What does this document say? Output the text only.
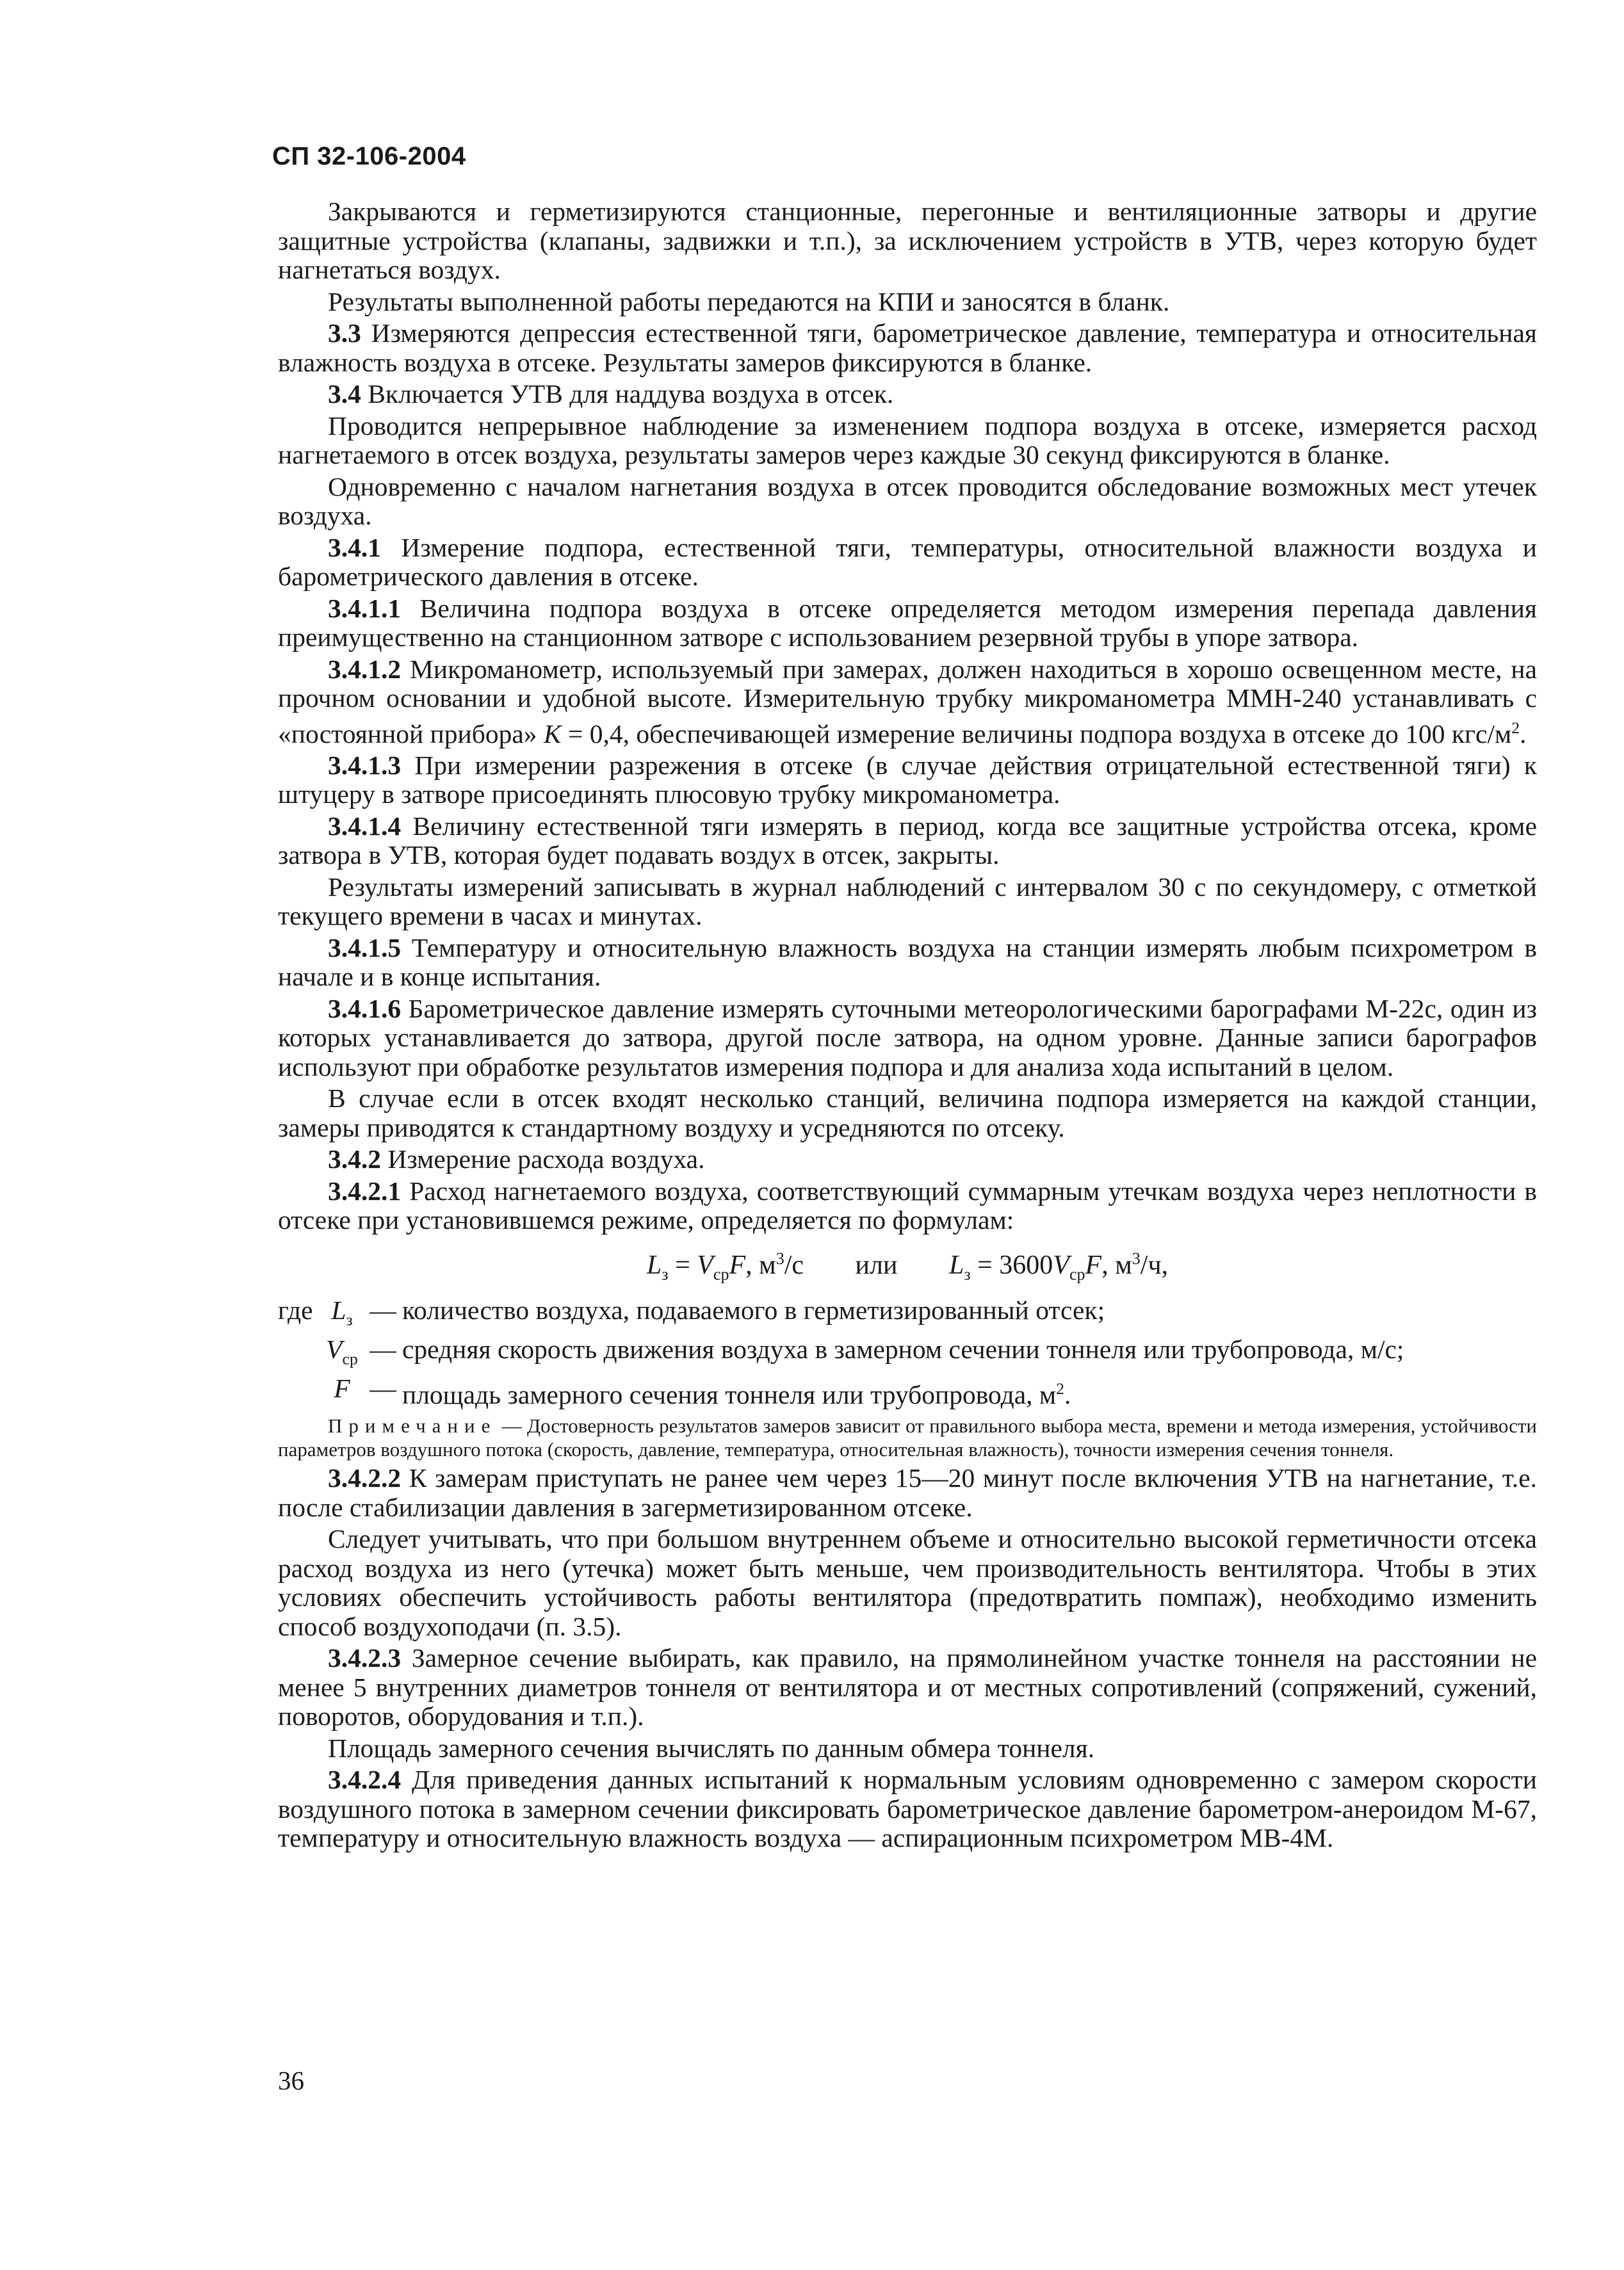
СП 32-106-2004

Закрываются и герметизируются станционные, перегонные и вентиляционные затворы и другие защитные устройства (клапаны, задвижки и т.п.), за исключением устройств в УТВ, через которую будет нагнетаться воздух.

Результаты выполненной работы передаются на КПИ и заносятся в бланк.

3.3 Измеряются депрессия естественной тяги, барометрическое давление, температура и относительная влажность воздуха в отсеке. Результаты замеров фиксируются в бланке.

3.4 Включается УТВ для наддува воздуха в отсек.

Проводится непрерывное наблюдение за изменением подпора воздуха в отсеке, измеряется расход нагнетаемого в отсек воздуха, результаты замеров через каждые 30 секунд фиксируются в бланке.

Одновременно с началом нагнетания воздуха в отсек проводится обследование возможных мест утечек воздуха.

3.4.1 Измерение подпора, естественной тяги, температуры, относительной влажности воздуха и барометрического давления в отсеке.

3.4.1.1 Величина подпора воздуха в отсеке определяется методом измерения перепада давления преимущественно на станционном затворе с использованием резервной трубы в упоре затвора.

3.4.1.2 Микроманометр, используемый при замерах, должен находиться в хорошо освещенном месте, на прочном основании и удобной высоте. Измерительную трубку микроманометра ММН-240 устанавливать с «постоянной прибора» K = 0,4, обеспечивающей измерение величины подпора воздуха в отсеке до 100 кгс/$м^2$.

3.4.1.3 При измерении разрежения в отсеке (в случае действия отрицательной естественной тяги) к штуцеру в затворе присоединять плюсовую трубку микроманометра.

3.4.1.4 Величину естественной тяги измерять в период, когда все защитные устройства отсека, кроме затвора в УТВ, которая будет подавать воздух в отсек, закрыты.

Результаты измерений записывать в журнал наблюдений с интервалом 30 с по секундомеру, с отметкой текущего времени в часах и минутах.

3.4.1.5 Температуру и относительную влажность воздуха на станции измерять любым психрометром в начале и в конце испытания.

3.4.1.6 Барометрическое давление измерять суточными метеорологическими барографами М-22с, один из которых устанавливается до затвора, другой после затвора, на одном уровне. Данные записи барографов используют при обработке результатов измерения подпора и для анализа хода испытаний в целом.

В случае если в отсек входят несколько станций, величина подпора измеряется на каждой станции, замеры приводятся к стандартному воздуху и усредняются по отсеку.

3.4.2 Измерение расхода воздуха.

3.4.2.1 Расход нагнетаемого воздуха, соответствующий суммарным утечкам воздуха через неплотности в отсеке при установившемся режиме, определяется по формулам:

$L_з = V_{ср}F$, $м^3/с$ или $L_з = 3600V_{ср}F$, $м^3/ч$,
где	$L_з$	—	количество воздуха, подаваемого в герметизированный отсек;
	$V_{ср}$	—	средняя скорость движения воздуха в замерном сечении тоннеля или трубопровода, м/с;
	F	—	площадь замерного сечения тоннеля или трубопровода, $м^2$.

Примечание — Достоверность результатов замеров зависит от правильного выбора места, времени и метода измерения, устойчивости параметров воздушного потока (скорость, давление, температура, относительная влажность), точности измерения сечения тоннеля.

3.4.2.2 К замерам приступать не ранее чем через 15—20 минут после включения УТВ на нагнетание, т.е. после стабилизации давления в загерметизированном отсеке.

Следует учитывать, что при большом внутреннем объеме и относительно высокой герметичности отсека расход воздуха из него (утечка) может быть меньше, чем производительность вентилятора. Чтобы в этих условиях обеспечить устойчивость работы вентилятора (предотвратить помпаж), необходимо изменить способ воздухоподачи (п. 3.5).

3.4.2.3 Замерное сечение выбирать, как правило, на прямолинейном участке тоннеля на расстоянии не менее 5 внутренних диаметров тоннеля от вентилятора и от местных сопротивлений (сопряжений, сужений, поворотов, оборудования и т.п.).

Площадь замерного сечения вычислять по данным обмера тоннеля.

3.4.2.4 Для приведения данных испытаний к нормальным условиям одновременно с замером скорости воздушного потока в замерном сечении фиксировать барометрическое давление барометром-анероидом М-67, температуру и относительную влажность воздуха — аспирационным психрометром МВ-4М.

36
